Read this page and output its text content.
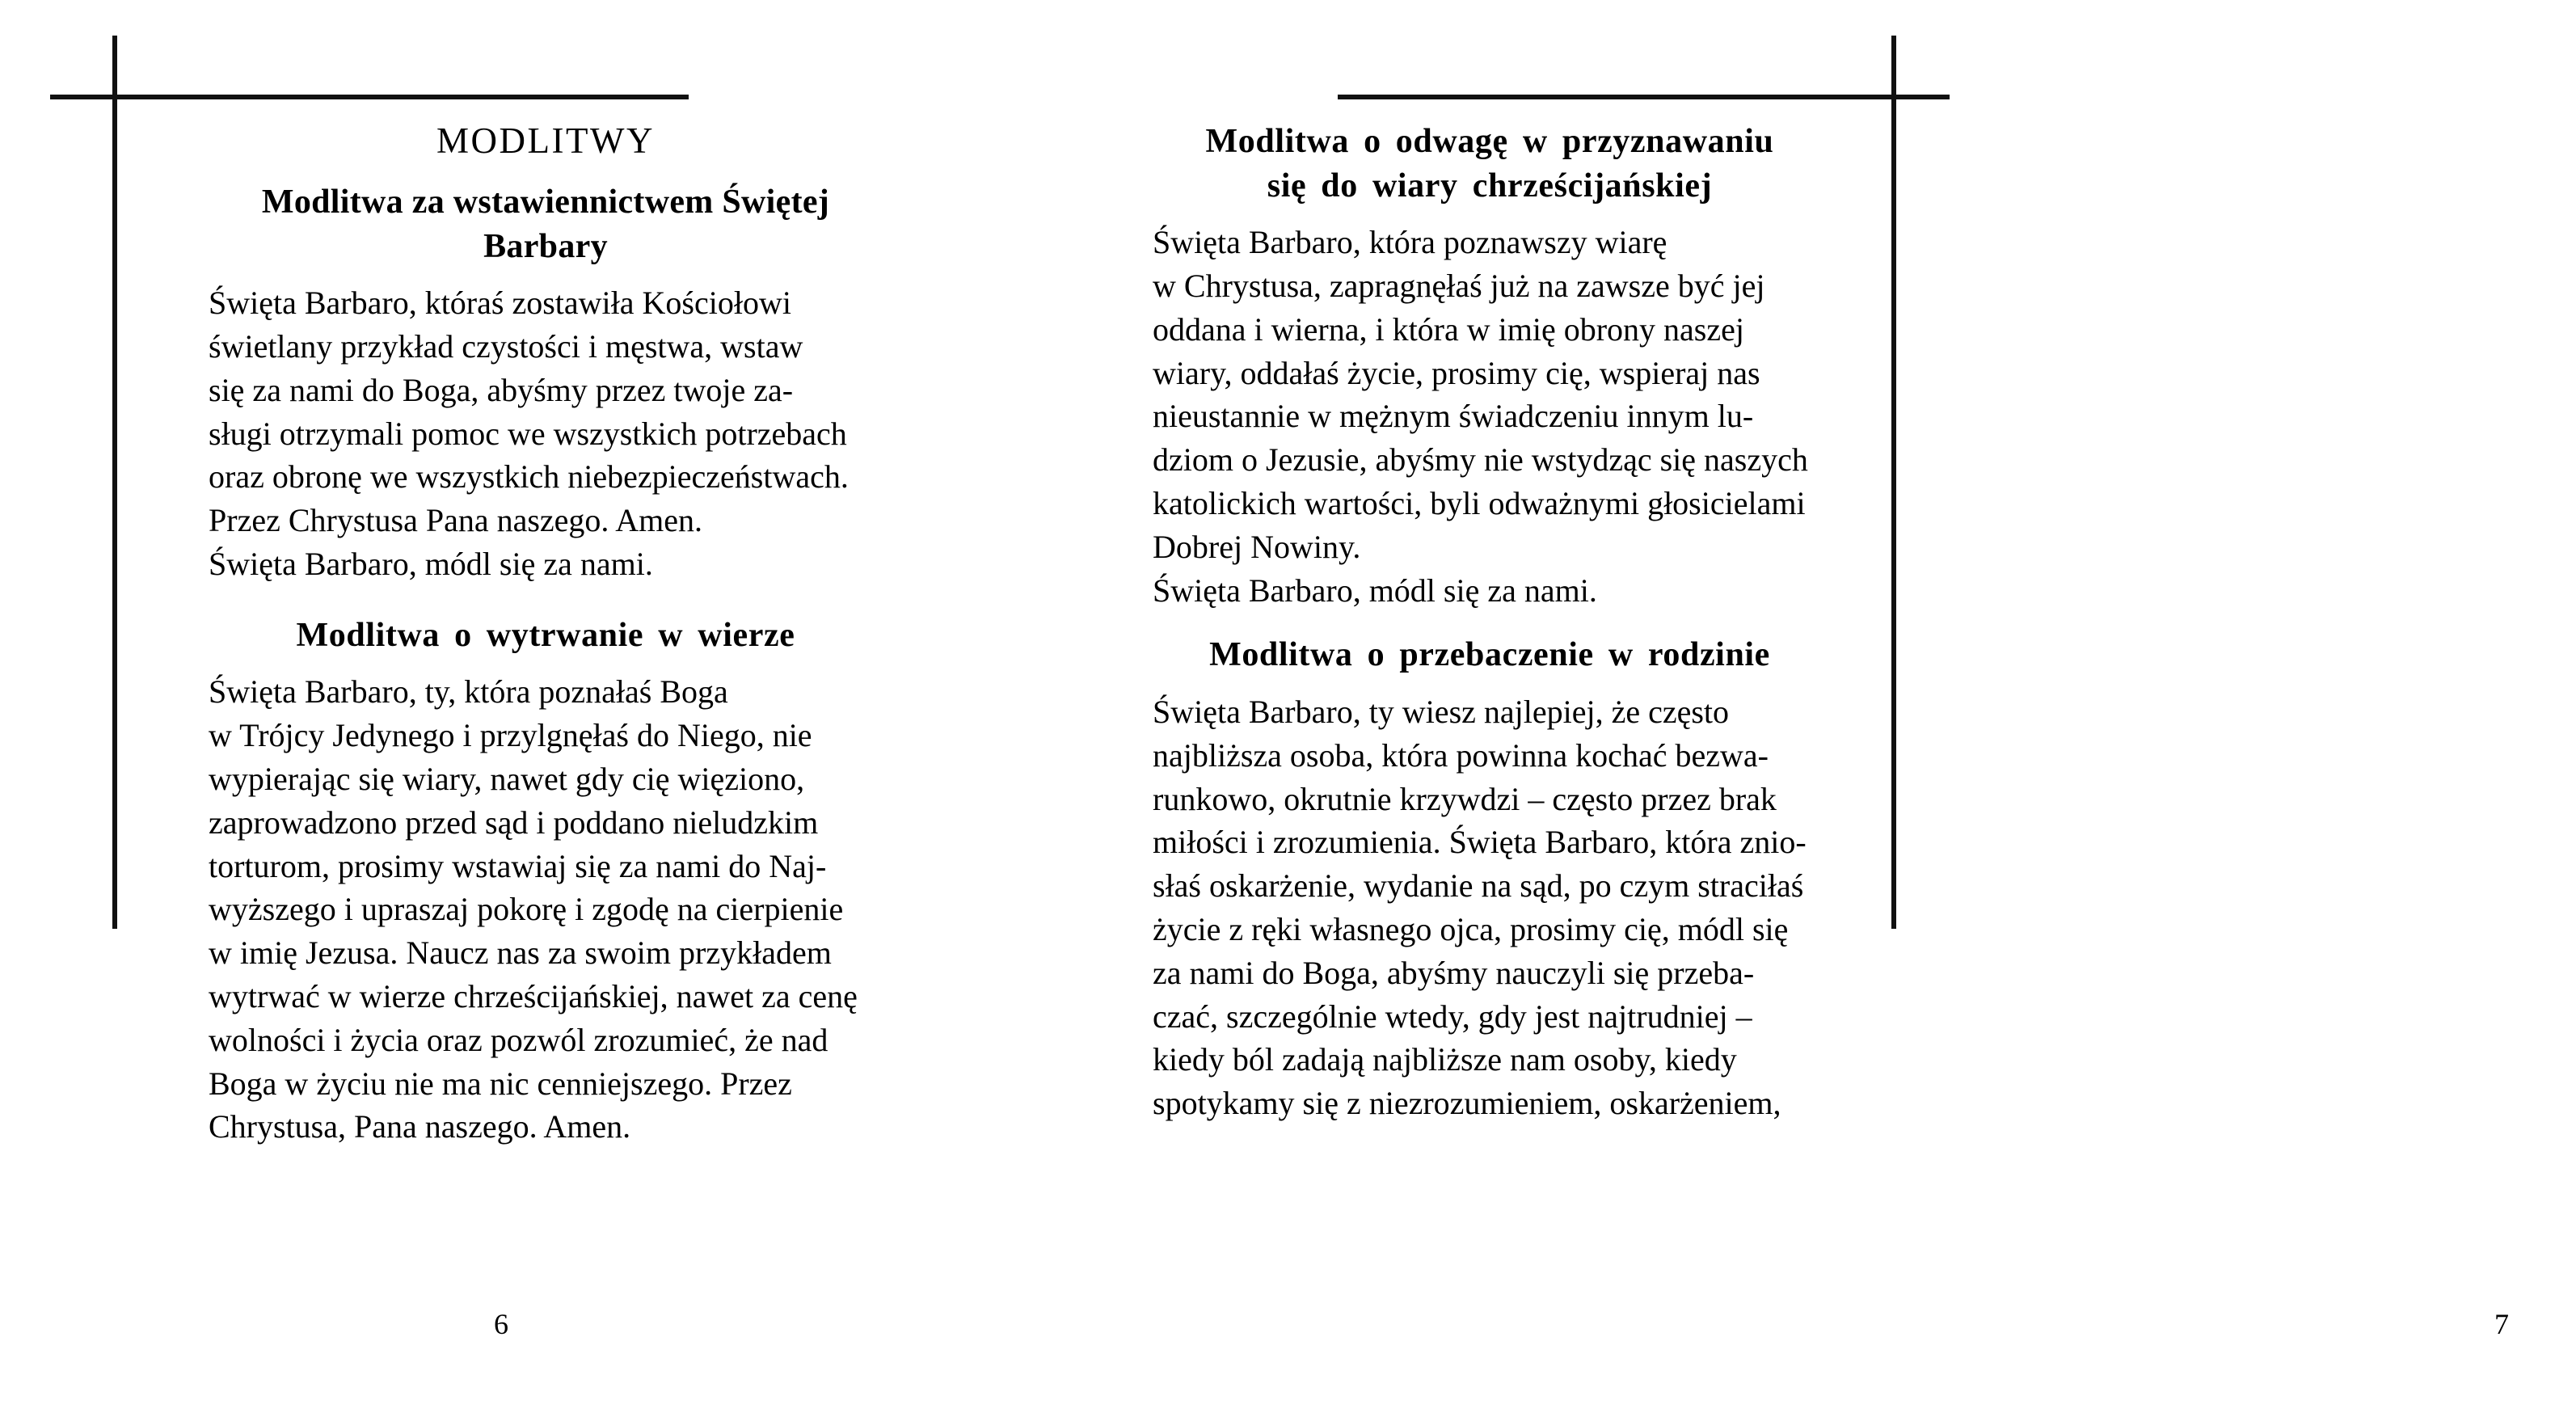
MODLITWY
Modlitwa za wstawiennictwem Świętej
Barbary
Święta Barbaro, któraś zostawiła Kościołowi
świetlany przykład czystości i męstwa, wstaw
się za nami do Boga, abyśmy przez twoje za-
sługi otrzymali pomoc we wszystkich potrzebach
oraz obronę we wszystkich niebezpieczeństwach.
Przez Chrystusa Pana naszego. Amen.
Święta Barbaro, módl się za nami.
Modlitwa o wytrwanie w wierze
Święta Barbaro, ty, która poznałaś Boga
w Trójcy Jedynego i przylgnęłaś do Niego, nie
wypierając się wiary, nawet gdy cię więziono,
zaprowadzono przed sąd i poddano nieludzkim
torturom, prosimy wstawiaj się za nami do Naj-
wyższego i upraszaj pokorę i zgodę na cierpienie
w imię Jezusa. Naucz nas za swoim przykładem
wytrwać w wierze chrześcijańskiej, nawet za cenę
wolności i życia oraz pozwól zrozumieć, że nad
Boga w życiu nie ma nic cenniejszego. Przez
Chrystusa, Pana naszego. Amen.
6
Modlitwa o odwagę w przyznawaniu
się do wiary chrześcijańskiej
Święta Barbaro, która poznawszy wiarę
w Chrystusa, zapragnęłaś już na zawsze być jej
oddana i wierna, i która w imię obrony naszej
wiary, oddałaś życie, prosimy cię, wspieraj nas
nieustannie w mężnym świadczeniu innym lu-
dziom o Jezusie, abyśmy nie wstydząc się naszych
katolickich wartości, byli odważnymi głosicielami
Dobrej Nowiny.
Święta Barbaro, módl się za nami.
Modlitwa o przebaczenie w rodzinie
Święta Barbaro, ty wiesz najlepiej, że często
najbliższa osoba, która powinna kochać bezwa-
runkowo, okrutnie krzywdzi – często przez brak
miłości i zrozumienia. Święta Barbaro, która znio-
słaś oskarżenie, wydanie na sąd, po czym straciłaś
życie z ręki własnego ojca, prosimy cię, módl się
za nami do Boga, abyśmy nauczyli się przeba-
czać, szczególnie wtedy, gdy jest najtrudniej –
kiedy ból zadają najbliższe nam osoby, kiedy
spotykamy się z niezrozumieniem, oskarżeniem,
7
